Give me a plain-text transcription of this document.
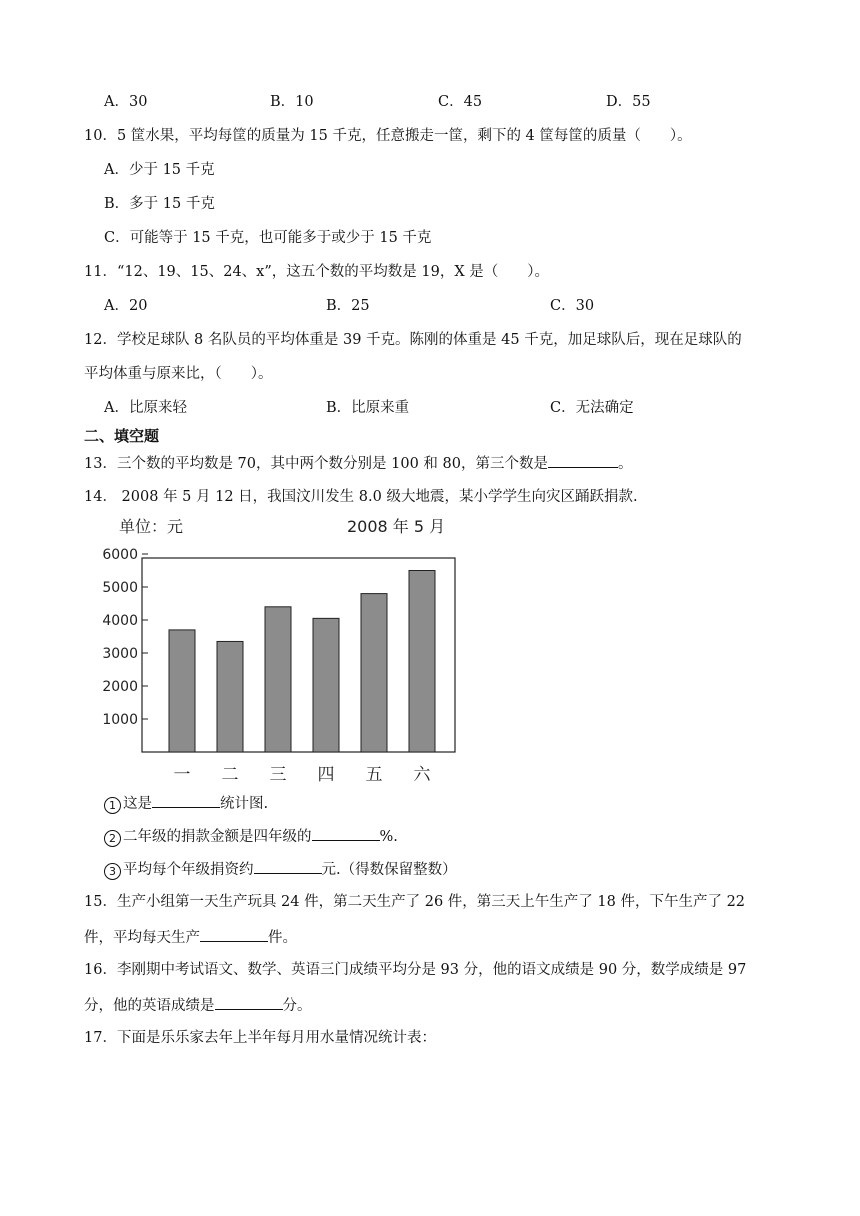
A．30	B．10	C．45	D．55
10．5 筐水果，平均每筐的质量为 15 千克，任意搬走一筐，剩下的 4 筐每筐的质量（　　）。
A．少于 15 千克
B．多于 15 千克
C．可能等于 15 千克，也可能多于或少于 15 千克
11．“12、19、15、24、x”，这五个数的平均数是 19，X 是（　　）。
A．20	B．25	C．30
12．学校足球队 8 名队员的平均体重是 39 千克。陈刚的体重是 45 千克，加足球队后，现在足球队的
平均体重与原来比，（　　）。
A．比原来轻	B．比原来重	C．无法确定
二、填空题
13．三个数的平均数是 70，其中两个数分别是 100 和 80，第三个数是	。
14． 2008 年 5 月 12 日，我国汶川发生 8.0 级大地震，某小学学生向灾区踊跃捐款.
单位：元	2008 年 5 月
1000
2000
3000
4000
5000
6000
一 二 三 四 五 六
1 这是	统计图.
2 二年级的捐款金额是四年级的	%.
3 平均每个年级捐资约	元.（得数保留整数）
15．生产小组第一天生产玩具 24 件，第二天生产了 26 件，第三天上午生产了 18 件，下午生产了 22
件，平均每天生产	件。
16．李刚期中考试语文、数学、英语三门成绩平均分是 93 分，他的语文成绩是 90 分，数学成绩是 97
分，他的英语成绩是	分。
17．下面是乐乐家去年上半年每月用水量情况统计表：
